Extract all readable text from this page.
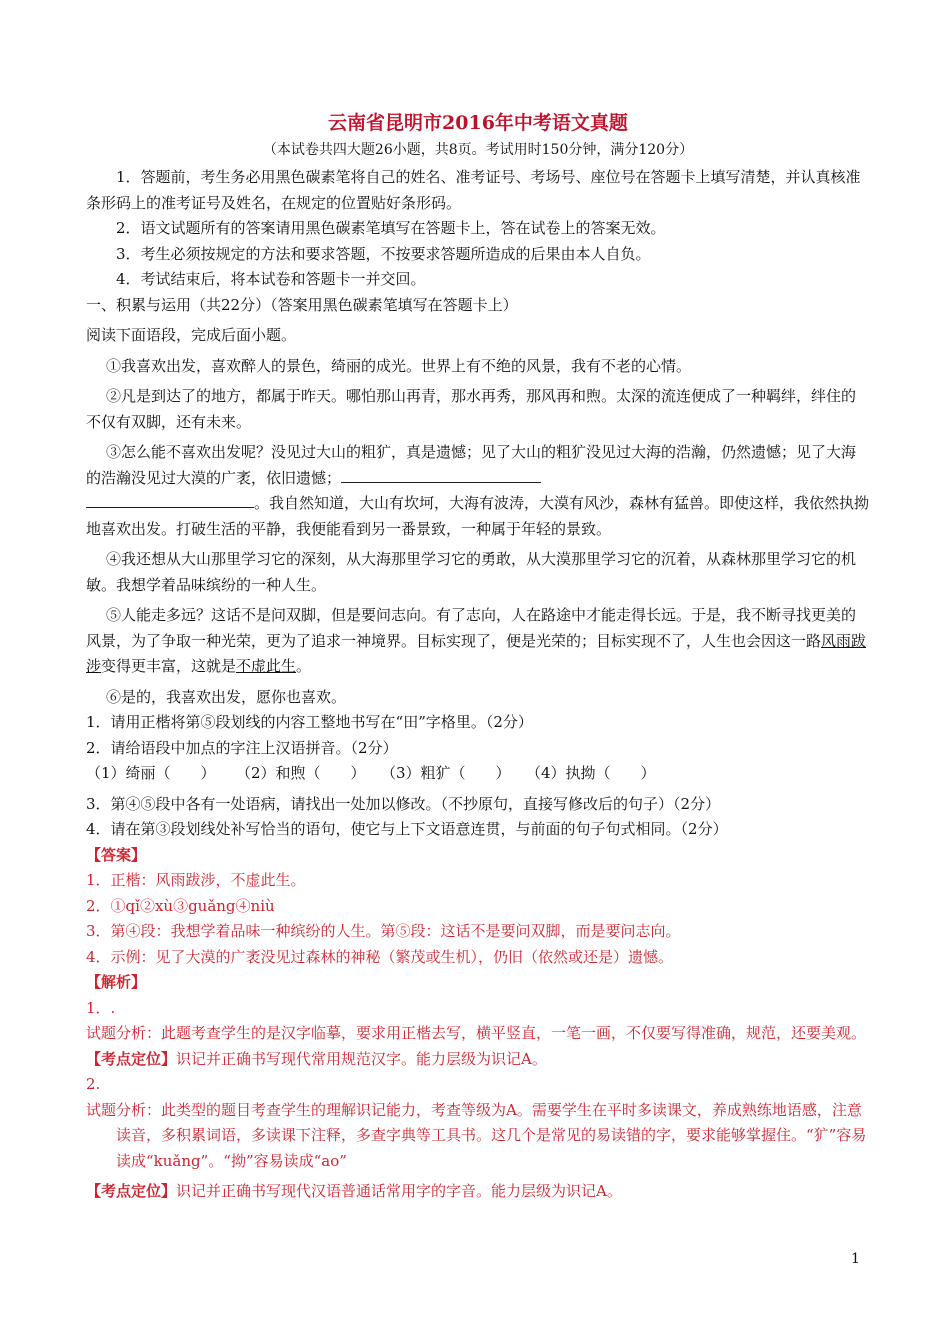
云南省昆明市2016年中考语文真题
（本试卷共四大题26小题，共8页。考试用时150分钟，满分120分）

1．答题前，考生务必用黑色碳素笔将自己的姓名、准考证号、考场号、座位号在答题卡上填写清楚，并认真核准条形码上的准考证号及姓名，在规定的位置贴好条形码。

2．语文试题所有的答案请用黑色碳素笔填写在答题卡上，答在试卷上的答案无效。

3．考生必须按规定的方法和要求答题，不按要求答题所造成的后果由本人自负。

4．考试结束后，将本试卷和答题卡一并交回。

一、积累与运用（共22分）（答案用黑色碳素笔填写在答题卡上）

阅读下面语段，完成后面小题。

①我喜欢出发，喜欢醉人的景色，绮丽的成光。世界上有不绝的风景，我有不老的心情。

②凡是到达了的地方，都属于昨天。哪怕那山再青，那水再秀，那风再和煦。太深的流连便成了一种羁绊，绊住的不仅有双脚，还有未来。

③怎么能不喜欢出发呢？没见过大山的粗犷，真是遗憾；见了大山的粗犷没见过大海的浩瀚，仍然遗憾；见了大海的浩瀚没见过大漠的广袤，依旧遗憾；
。我自然知道，大山有坎坷，大海有波涛，大漠有风沙，森林有猛兽。即使这样，我依然执拗地喜欢出发。打破生活的平静，我便能看到另一番景致，一种属于年轻的景致。

④我还想从大山那里学习它的深刻，从大海那里学习它的勇敢，从大漠那里学习它的沉着，从森林那里学习它的机敏。我想学着品味缤纷的一种人生。

⑤人能走多远？这话不是问双脚，但是要问志向。有了志向，人在路途中才能走得长远。于是，我不断寻找更美的风景，为了争取一种光荣，更为了追求一神境界。目标实现了，便是光荣的；目标实现不了，人生也会因这一路风雨跋涉变得更丰富，这就是不虚此生。

⑥是的，我喜欢出发，愿你也喜欢。

1．请用正楷将第⑤段划线的内容工整地书写在“田”字格里。（2分）

2．请给语段中加点的字注上汉语拼音。（2分）

（1）绮丽（　　） （2）和煦（　　） （3）粗犷（　　） （4）执拗（　　）

3．第④⑤段中各有一处语病，请找出一处加以修改。（不抄原句，直接写修改后的句子）（2分）

4．请在第③段划线处补写恰当的语句，使它与上下文语意连贯，与前面的句子句式相同。（2分）

【答案】

1．正楷：风雨跋涉，不虚此生。

2．①qǐ②xù③guǎng④niù

3．第④段：我想学着品味一种缤纷的人生。第⑤段：这话不是要问双脚，而是要问志向。

4．示例：见了大漠的广袤没见过森林的神秘（繁茂或生机），仍旧（依然或还是）遗憾。

【解析】

1．.

试题分析：此题考查学生的是汉字临摹，要求用正楷去写，横平竖直，一笔一画，不仅要写得准确，规范，还要美观。

【考点定位】识记并正确书写现代常用规范汉字。能力层级为识记A。

2.

试题分析：此类型的题目考查学生的理解识记能力，考查等级为A。需要学生在平时多读课文，养成熟练地语感，注意读音，多积累词语，多读课下注释，多查字典等工具书。这几个是常见的易读错的字，要求能够掌握住。“犷”容易读成“kuǎng”。“拗”容易读成“ao”

【考点定位】识记并正确书写现代汉语普通话常用字的字音。能力层级为识记A。

1
